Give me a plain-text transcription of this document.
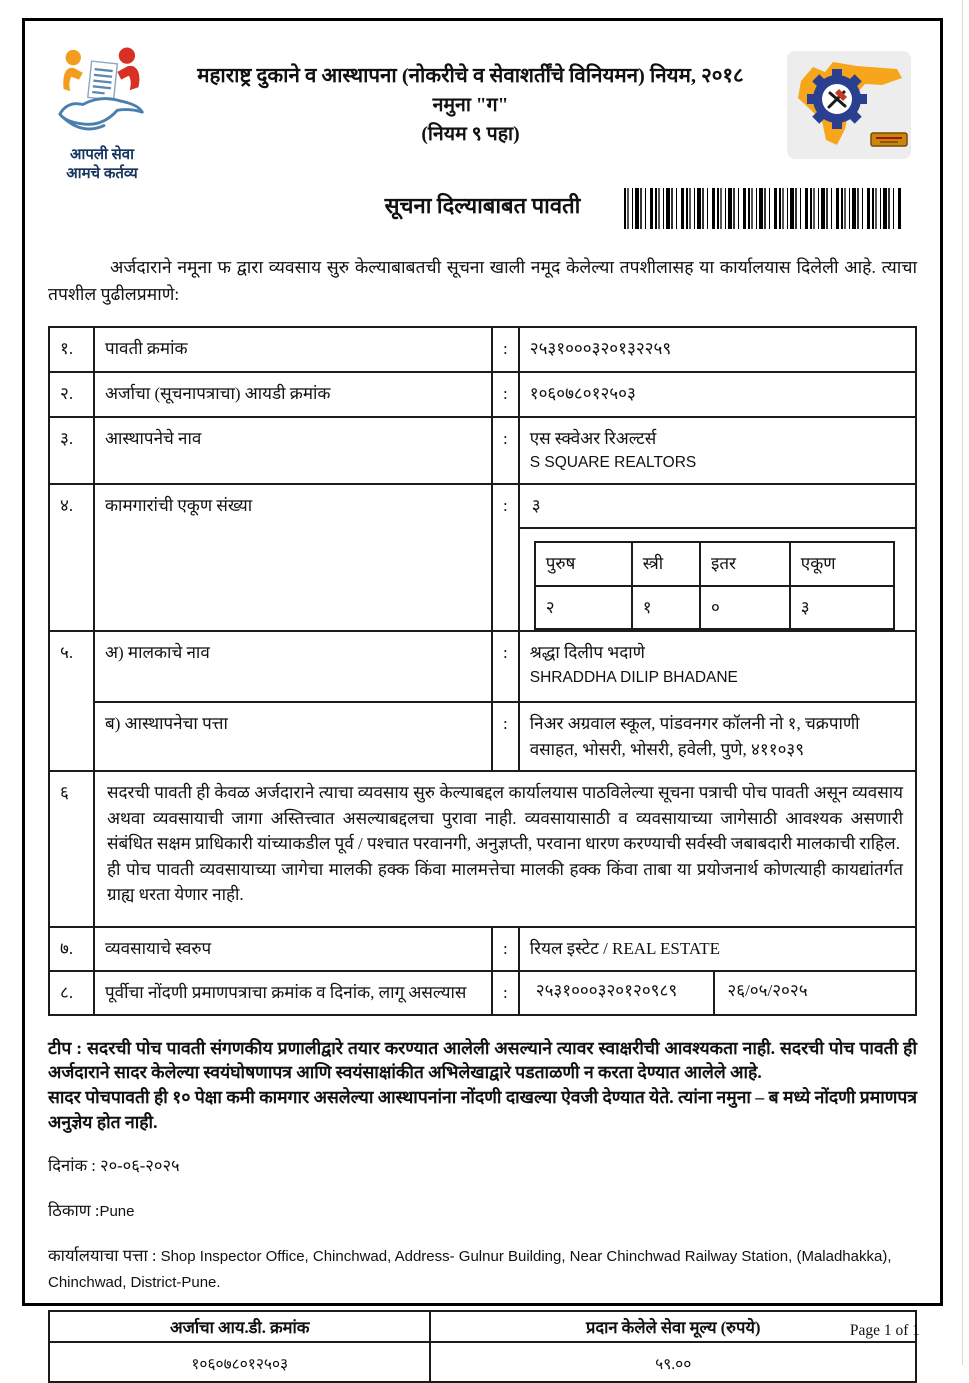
आपली सेवा
आमचे कर्तव्य
महाराष्ट्र दुकाने व आस्थापना (नोकरीचे व सेवाशर्तींचे विनियमन) नियम, २०१८
नमुना "ग"
(नियम ९ पहा)
सूचना दिल्याबाबत पावती

अर्जदाराने नमूना फ द्वारा व्यवसाय सुरु केल्याबाबतची सूचना खाली नमूद केलेल्या तपशीलासह या कार्यालयास दिलेली आहे. त्याचा तपशील पुढीलप्रमाणे:

१.	पावती क्रमांक	:	२५३१०००३२०१३२२५९
२.	अर्जाचा (सूचनापत्राचा) आयडी क्रमांक	:	१०६०७८०१२५०३
३.	आस्थापनेचे नाव	:	एस स्क्वेअर रिअल्टर्स
S SQUARE REALTORS

४.	कामगारांची एकूण संख्या	:	३
पुरुष	स्त्री	इतर	एकूण
२	१	०	३

५.	अ) मालकाचे नाव	:	श्रद्धा दिलीप भदाणे
SHRADDHA DILIP BHADANE

ब) आस्थापनेचा पत्ता	:	निअर अग्रवाल स्कूल, पांडवनगर कॉलनी नो १, चक्रपाणी वसाहत, भोसरी, भोसरी, हवेली, पुणे, ४११०३९
६	सदरची पावती ही केवळ अर्जदाराने त्याचा व्यवसाय सुरु केल्याबद्दल कार्यालयास पाठविलेल्या सूचना पत्राची पोच पावती असून व्यवसाय अथवा व्यवसायाची जागा अस्तित्त्वात असल्याबद्दलचा पुरावा नाही. व्यवसायासाठी व व्यवसायाच्या जागेसाठी आवश्यक असणारी संबंधित सक्षम प्राधिकारी यांच्याकडील पूर्व / पश्चात परवानगी, अनुज्ञप्ती, परवाना धारण करण्याची सर्वस्वी जबाबदारी मालकाची राहिल.

ही पोच पावती व्यवसायाच्या जागेचा मालकी हक्क किंवा मालमत्तेचा मालकी हक्क किंवा ताबा या प्रयोजनार्थ कोणत्याही कायद्यांतर्गत ग्राह्य धरता येणार नाही.

७.	व्यवसायाचे स्वरुप	:	रियल इस्टेट / REAL ESTATE
८.	पूर्वीचा नोंदणी प्रमाणपत्राचा क्रमांक व दिनांक, लागू असल्यास	:	२५३१०००३२०१२०९८९	२६/०५/२०२५

टीप : सदरची पोच पावती संगणकीय प्रणालीद्वारे तयार करण्यात आलेली असल्याने त्यावर स्वाक्षरीची आवश्यकता नाही. सदरची पोच पावती ही अर्जदाराने सादर केलेल्या स्वयंघोषणापत्र आणि स्वयंसाक्षांकीत अभिलेखाद्वारे पडताळणी न करता देण्यात आलेले आहे.

सादर पोचपावती ही १० पेक्षा कमी कामगार असलेल्या आस्थापनांना नोंदणी दाखल्या ऐवजी देण्यात येते. त्यांना नमुना – ब मध्ये नोंदणी प्रमाणपत्र अनुज्ञेय होत नाही.

दिनांक : २०-०६-२०२५

ठिकाण :Pune

कार्यालयाचा पत्ता : Shop Inspector Office, Chinchwad, Address- Gulnur Building, Near Chinchwad Railway Station, (Maladhakka), Chinchwad, District-Pune.

अर्जाचा आय.डी. क्रमांक	प्रदान केलेले सेवा मूल्य (रुपये)
१०६०७८०१२५०३	५९.००
Page 1 of 1
